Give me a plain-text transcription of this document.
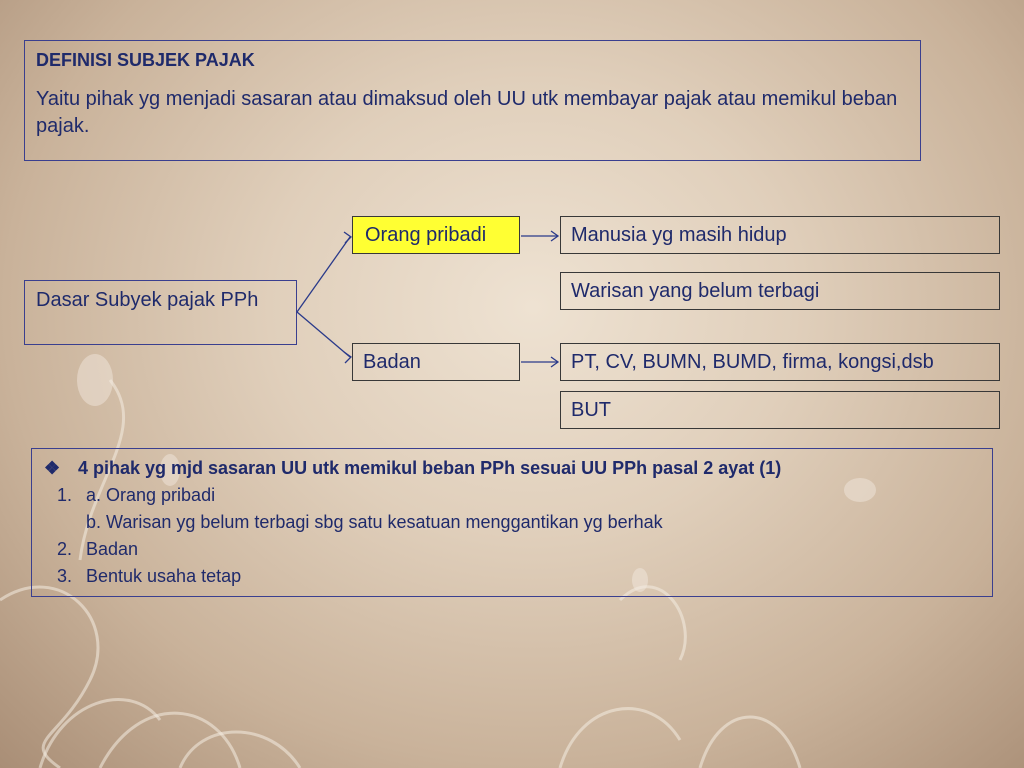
DEFINISI SUBJEK PAJAK
Yaitu pihak yg menjadi sasaran atau dimaksud oleh UU utk membayar pajak atau memikul beban pajak.
Dasar Subyek pajak PPh
Orang pribadi
Badan
Manusia yg masih hidup
Warisan yang belum terbagi
PT, CV, BUMN, BUMD, firma, kongsi,dsb
BUT
❖ 4 pihak yg mjd sasaran UU utk memikul beban PPh sesuai UU PPh pasal 2 ayat (1)
1. a. Orang pribadi
b. Warisan yg belum terbagi sbg satu kesatuan menggantikan yg berhak
2. Badan
3. Bentuk usaha tetap
